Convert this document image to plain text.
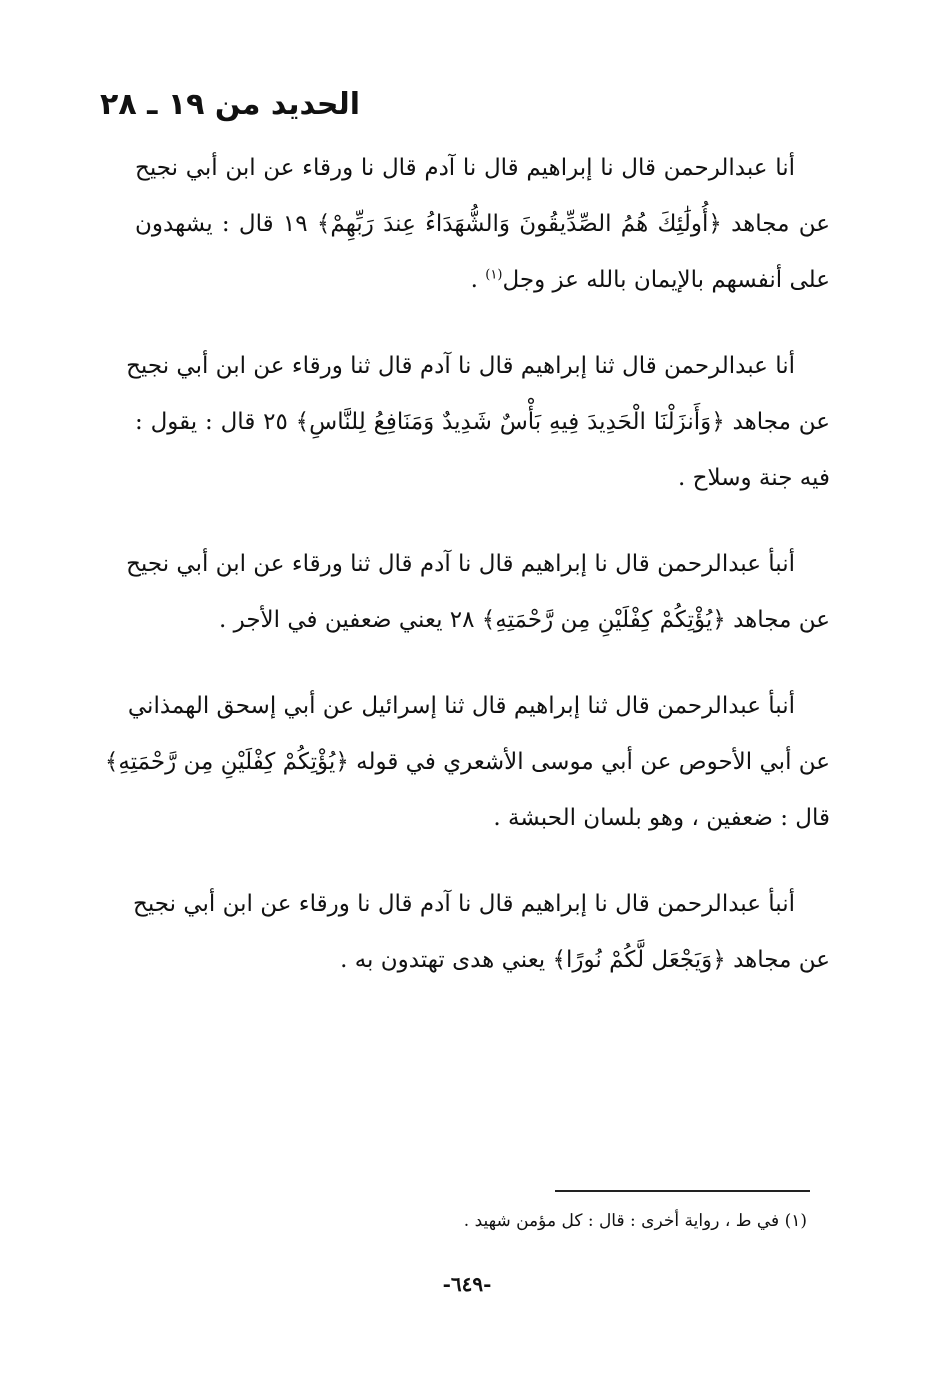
الحديد من ١٩ ـ ٢٨
أنا عبدالرحمن قال نا إبراهيم قال نا آدم قال نا ورقاء عن ابن أبي نجيح
عن مجاهد ﴿أُولَٰئِكَ هُمُ الصِّدِّيقُونَ وَالشُّهَدَاءُ عِندَ رَبِّهِمْ﴾ ١٩ قال : يشهدون
على أنفسهم بالإيمان بالله عز وجل$^{(١)}$ .
أنا عبدالرحمن قال ثنا إبراهيم قال نا آدم قال ثنا ورقاء عن ابن أبي نجيح
عن مجاهد ﴿وَأَنزَلْنَا الْحَدِيدَ فِيهِ بَأْسٌ شَدِيدٌ وَمَنَافِعُ لِلنَّاسِ﴾ ٢٥ قال : يقول :
فيه جنة وسلاح .
أنبأ عبدالرحمن قال نا إبراهيم قال نا آدم قال ثنا ورقاء عن ابن أبي نجيح
عن مجاهد ﴿يُؤْتِكُمْ كِفْلَيْنِ مِن رَّحْمَتِهِ﴾ ٢٨ يعني ضعفين في الأجر .
أنبأ عبدالرحمن قال ثنا إبراهيم قال ثنا إسرائيل عن أبي إسحق الهمذاني
عن أبي الأحوص عن أبي موسى الأشعري في قوله ﴿يُؤْتِكُمْ كِفْلَيْنِ مِن رَّحْمَتِهِ﴾
قال : ضعفين ، وهو بلسان الحبشة .
أنبأ عبدالرحمن قال نا إبراهيم قال نا آدم قال نا ورقاء عن ابن أبي نجيح
عن مجاهد ﴿وَيَجْعَل لَّكُمْ نُورًا﴾ يعني هدى تهتدون به .
(١) في ط ، رواية أخرى : قال : كل مؤمن شهيد .
-٦٤٩-
